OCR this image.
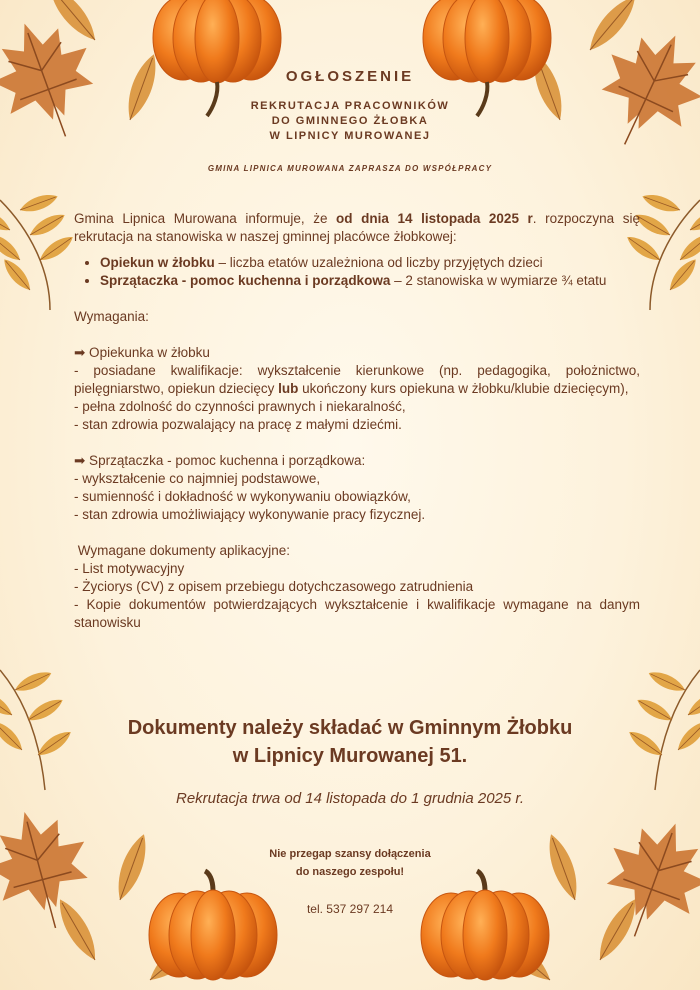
OGŁOSZENIE
REKRUTACJA PRACOWNIKÓW
DO GMINNEGO ŻŁOBKA
W LIPNICY MUROWANEJ
GMINA LIPNICA MUROWANA ZAPRASZA DO WSPÓŁPRACY

Gmina Lipnica Murowana informuje, że od dnia 14 listopada 2025 r. rozpoczyna się rekrutacja na stanowiska w naszej gminnej placówce żłobkowej:

• Opiekun w żłobku – liczba etatów uzależniona od liczby przyjętych dzieci
• Sprzątaczka - pomoc kuchenna i porządkowa – 2 stanowiska w wymiarze ¾ etatu

Wymagania:

➡ Opiekunka w żłobku

- posiadane kwalifikacje: wykształcenie kierunkowe (np. pedagogika, położnictwo, pielęgniarstwo, opiekun dziecięcy lub ukończony kurs opiekuna w żłobku/klubie dziecięcym),

- pełna zdolność do czynności prawnych i niekaralność,

- stan zdrowia pozwalający na pracę z małymi dziećmi.

➡ Sprzątaczka - pomoc kuchenna i porządkowa:

- wykształcenie co najmniej podstawowe,

- sumienność i dokładność w wykonywaniu obowiązków,

- stan zdrowia umożliwiający wykonywanie pracy fizycznej.

Wymagane dokumenty aplikacyjne:

- List motywacyjny

- Życiorys (CV) z opisem przebiegu dotychczasowego zatrudnienia

- Kopie dokumentów potwierdzających wykształcenie i kwalifikacje wymagane na danym stanowisku

Dokumenty należy składać w Gminnym Żłobku
w Lipnicy Murowanej 51.
Rekrutacja trwa od 14 listopada do 1 grudnia 2025 r.
Nie przegap szansy dołączenia
do naszego zespołu!
tel. 537 297 214
